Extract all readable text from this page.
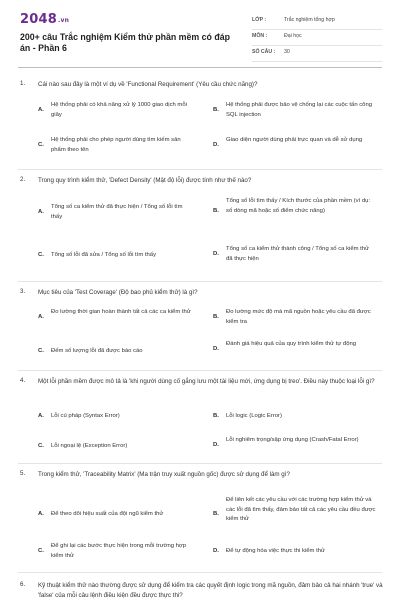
2048.vn
200+ câu Trắc nghiệm Kiểm thử phần mềm có đáp án - Phần 6
LỚP :	Trắc nghiệm tổng hợp
MÔN :	Đại học
SỐ CÂU : 30
1. Cái nào sau đây là một ví dụ về 'Functional Requirement' (Yêu cầu chức năng)?
A.
Hệ thống phải có khả năng xử lý 1000 giao dịch mỗi giây
B.
Hệ thống phải được bảo vệ chống lại các cuộc tấn công SQL injection
C.
Hệ thống phải cho phép người dùng tìm kiếm sản phẩm theo tên
D.
Giao diện người dùng phải trực quan và dễ sử dụng
2. Trong quy trình kiểm thử, 'Defect Density' (Mật độ lỗi) được tính như thế nào?
A.
Tổng số ca kiểm thử đã thực hiện / Tổng số lỗi tìm thấy
B.
Tổng số lỗi tìm thấy / Kích thước của phần mềm (ví dụ: số dòng mã hoặc số điểm chức năng)
C. Tổng số lỗi đã sửa / Tổng số lỗi tìm thấy	D.
Tổng số ca kiểm thử thành công / Tổng số ca kiểm thử đã thực hiện
3. Mục tiêu của 'Test Coverage' (Độ bao phủ kiểm thử) là gì?
A.
Đo lường thời gian hoàn thành tất cả các ca kiểm thử
B.
Đo lường mức độ mà mã nguồn hoặc yêu cầu đã được kiểm tra
C. Đếm số lượng lỗi đã được báo cáo	D.
Đánh giá hiệu quả của quy trình kiểm thử tự động
4. Một lỗi phần mềm được mô tả là 'khi người dùng cố gắng lưu một tài liệu mới, ứng dụng bị treo'. Điều này thuộc loại lỗi gì?
A. Lỗi cú pháp (Syntax Error)	B. Lỗi logic (Logic Error)
C. Lỗi ngoại lệ (Exception Error)	D.
Lỗi nghiêm trọng/sập ứng dụng (Crash/Fatal Error)
5. Trong kiểm thử, 'Traceability Matrix' (Ma trận truy xuất nguồn gốc) được sử dụng để làm gì?
A. Để theo dõi hiệu suất của đội ngũ kiểm thử	B.
Để liên kết các yêu cầu với các trường hợp kiểm thử và các lỗi đã tìm thấy, đảm bảo tất cả các yêu cầu đều được kiểm thử
C.
Để ghi lại các bước thực hiện trong mỗi trường hợp kiểm thử
D. Để tự động hóa việc thực thi kiểm thử
6. Kỹ thuật kiểm thử nào thường được sử dụng để kiểm tra các quyết định logic trong mã nguồn, đảm bảo cả hai nhánh 'true' và 'false' của mỗi câu lệnh điều kiện đều được thực thi?
